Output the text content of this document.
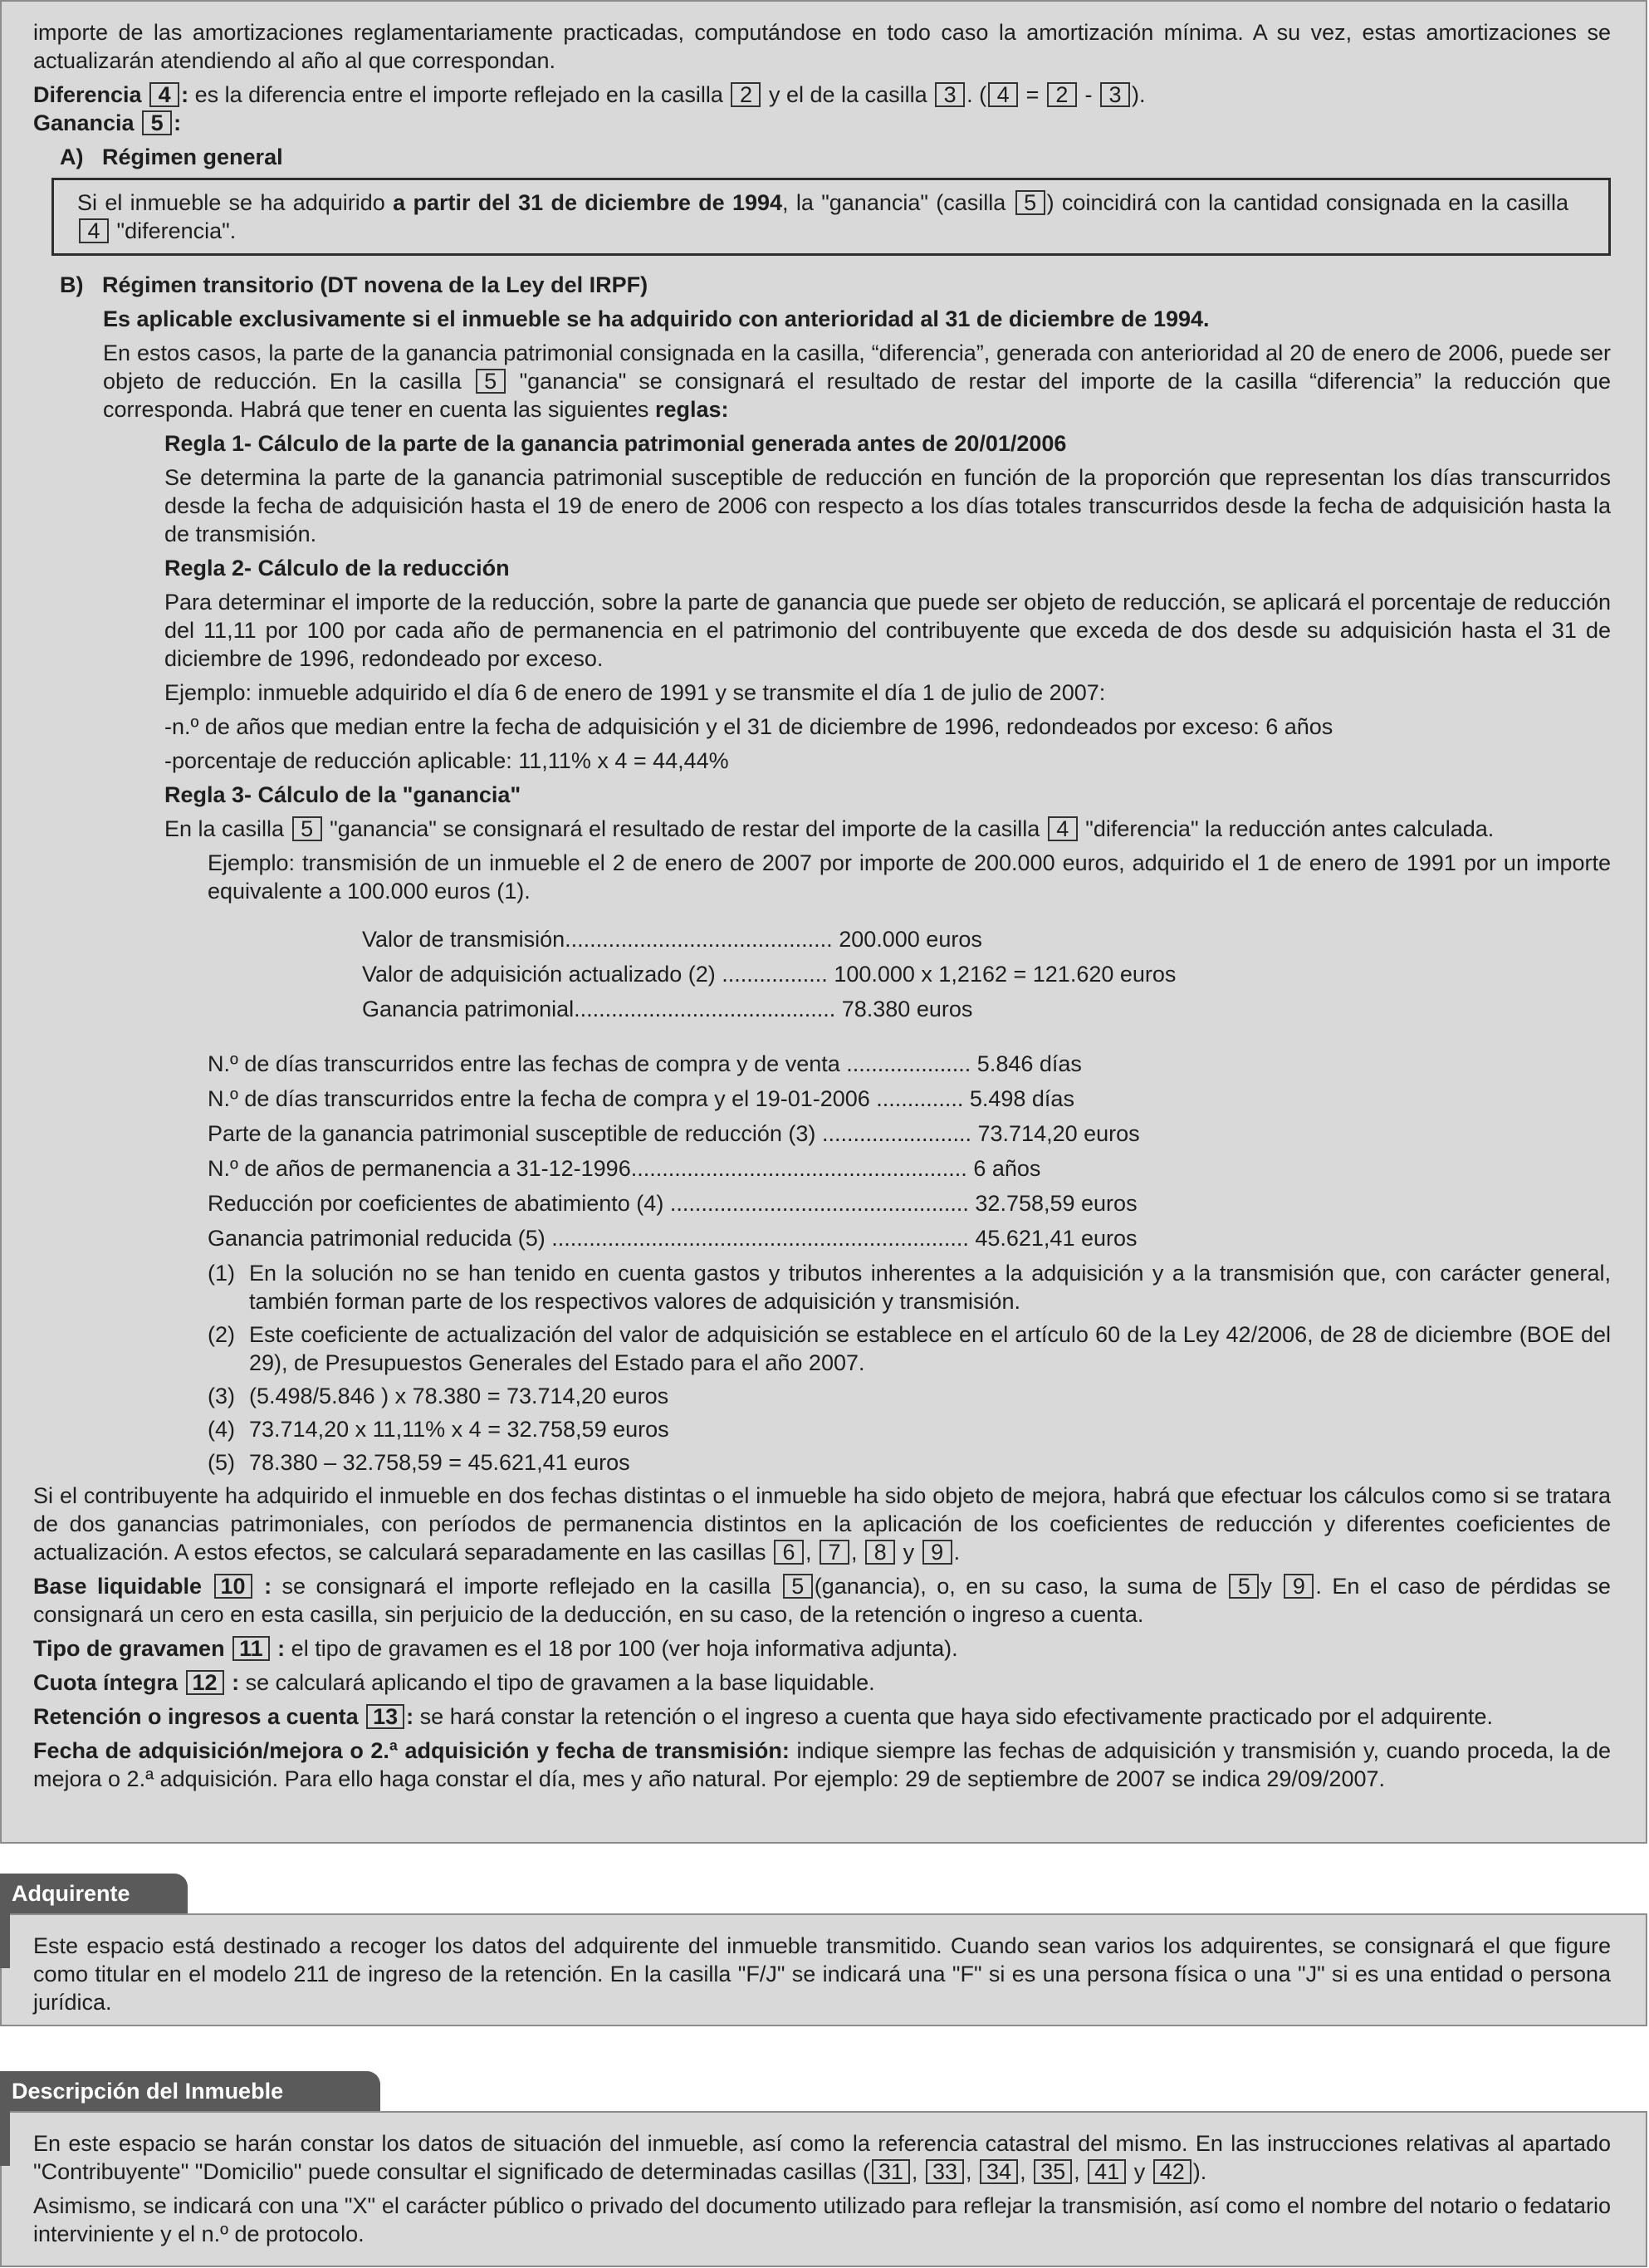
importe de las amortizaciones reglamentariamente practicadas, computándose en todo caso la amortización mínima. A su vez, estas amortizaciones se actualizarán atendiendo al año al que correspondan.

Diferencia 4 : es la diferencia entre el importe reflejado en la casilla 2 y el de la casilla 3 . ( 4 = 2 - 3 ).

Ganancia 5 :

A) Régimen general

Si el inmueble se ha adquirido a partir del 31 de diciembre de 1994, la "ganancia" (casilla 5 ) coincidirá con la cantidad consignada en la casilla 4 "diferencia".

B) Régimen transitorio (DT novena de la Ley del IRPF)

Es aplicable exclusivamente si el inmueble se ha adquirido con anterioridad al 31 de diciembre de 1994.

En estos casos, la parte de la ganancia patrimonial consignada en la casilla, “diferencia”, generada con anterioridad al 20 de enero de 2006, puede ser objeto de reducción. En la casilla 5 "ganancia" se consignará el resultado de restar del importe de la casilla “diferencia” la reducción que corresponda. Habrá que tener en cuenta las siguientes reglas:

Regla 1- Cálculo de la parte de la ganancia patrimonial generada antes de 20/01/2006

Se determina la parte de la ganancia patrimonial susceptible de reducción en función de la proporción que representan los días transcurridos desde la fecha de adquisición hasta el 19 de enero de 2006 con respecto a los días totales transcurridos desde la fecha de adquisición hasta la de transmisión.

Regla 2- Cálculo de la reducción

Para determinar el importe de la reducción, sobre la parte de ganancia que puede ser objeto de reducción, se aplicará el porcentaje de reducción del 11,11 por 100 por cada año de permanencia en el patrimonio del contribuyente que exceda de dos desde su adquisición hasta el 31 de diciembre de 1996, redondeado por exceso.

Ejemplo: inmueble adquirido el día 6 de enero de 1991 y se transmite el día 1 de julio de 2007:

-n.º de años que median entre la fecha de adquisición y el 31 de diciembre de 1996, redondeados por exceso: 6 años

-porcentaje de reducción aplicable: 11,11% x 4 = 44,44%

Regla 3- Cálculo de la "ganancia"

En la casilla 5 "ganancia" se consignará el resultado de restar del importe de la casilla 4 "diferencia" la reducción antes calculada.

Ejemplo: transmisión de un inmueble el 2 de enero de 2007 por importe de 200.000 euros, adquirido el 1 de enero de 1991 por un importe equivalente a 100.000 euros (1).

Valor de transmisión........................................... 200.000 euros
Valor de adquisición actualizado (2) ................. 100.000 x 1,2162 = 121.620 euros
Ganancia patrimonial.......................................... 78.380 euros
N.º de días transcurridos entre las fechas de compra y de venta .................... 5.846 días
N.º de días transcurridos entre la fecha de compra y el 19-01-2006 .............. 5.498 días
Parte de la ganancia patrimonial susceptible de reducción (3) ........................ 73.714,20 euros
N.º de años de permanencia a 31-12-1996...................................................... 6 años
Reducción por coeficientes de abatimiento (4) ................................................ 32.758,59 euros
Ganancia patrimonial reducida (5) ................................................................... 45.621,41 euros
(1) En la solución no se han tenido en cuenta gastos y tributos inherentes a la adquisición y a la transmisión que, con carácter general, también forman parte de los respectivos valores de adquisición y transmisión.

(2) Este coeficiente de actualización del valor de adquisición se establece en el artículo 60 de la Ley 42/2006, de 28 de diciembre (BOE del 29), de Presupuestos Generales del Estado para el año 2007.

(3) (5.498/5.846 ) x 78.380 = 73.714,20 euros

(4) 73.714,20 x 11,11% x 4 = 32.758,59 euros

(5) 78.380 – 32.758,59 = 45.621,41 euros

Si el contribuyente ha adquirido el inmueble en dos fechas distintas o el inmueble ha sido objeto de mejora, habrá que efectuar los cálculos como si se tratara de dos ganancias patrimoniales, con períodos de permanencia distintos en la aplicación de los coeficientes de reducción y diferentes coeficientes de actualización. A estos efectos, se calculará separadamente en las casillas 6 , 7 , 8 y 9 .

Base liquidable 10 : se consignará el importe reflejado en la casilla 5 (ganancia), o, en su caso, la suma de 5 y 9 . En el caso de pérdidas se consignará un cero en esta casilla, sin perjuicio de la deducción, en su caso, de la retención o ingreso a cuenta.

Tipo de gravamen 11 : el tipo de gravamen es el 18 por 100 (ver hoja informativa adjunta).

Cuota íntegra 12 : se calculará aplicando el tipo de gravamen a la base liquidable.

Retención o ingresos a cuenta 13 : se hará constar la retención o el ingreso a cuenta que haya sido efectivamente practicado por el adquirente.

Fecha de adquisición/mejora o 2.ª adquisición y fecha de transmisión: indique siempre las fechas de adquisición y transmisión y, cuando proceda, la de mejora o 2.ª adquisición. Para ello haga constar el día, mes y año natural. Por ejemplo: 29 de septiembre de 2007 se indica 29/09/2007.

Adquirente

Este espacio está destinado a recoger los datos del adquirente del inmueble transmitido. Cuando sean varios los adquirentes, se consignará el que figure como titular en el modelo 211 de ingreso de la retención. En la casilla "F/J" se indicará una "F" si es una persona física o una "J" si es una entidad o persona jurídica.

Descripción del Inmueble

En este espacio se harán constar los datos de situación del inmueble, así como la referencia catastral del mismo. En las instrucciones relativas al apartado "Contribuyente" "Domicilio" puede consultar el significado de determinadas casillas ( 31 , 33 , 34 , 35 , 41 y 42 ).

Asimismo, se indicará con una "X" el carácter público o privado del documento utilizado para reflejar la transmisión, así como el nombre del notario o fedatario interviniente y el n.º de protocolo.
